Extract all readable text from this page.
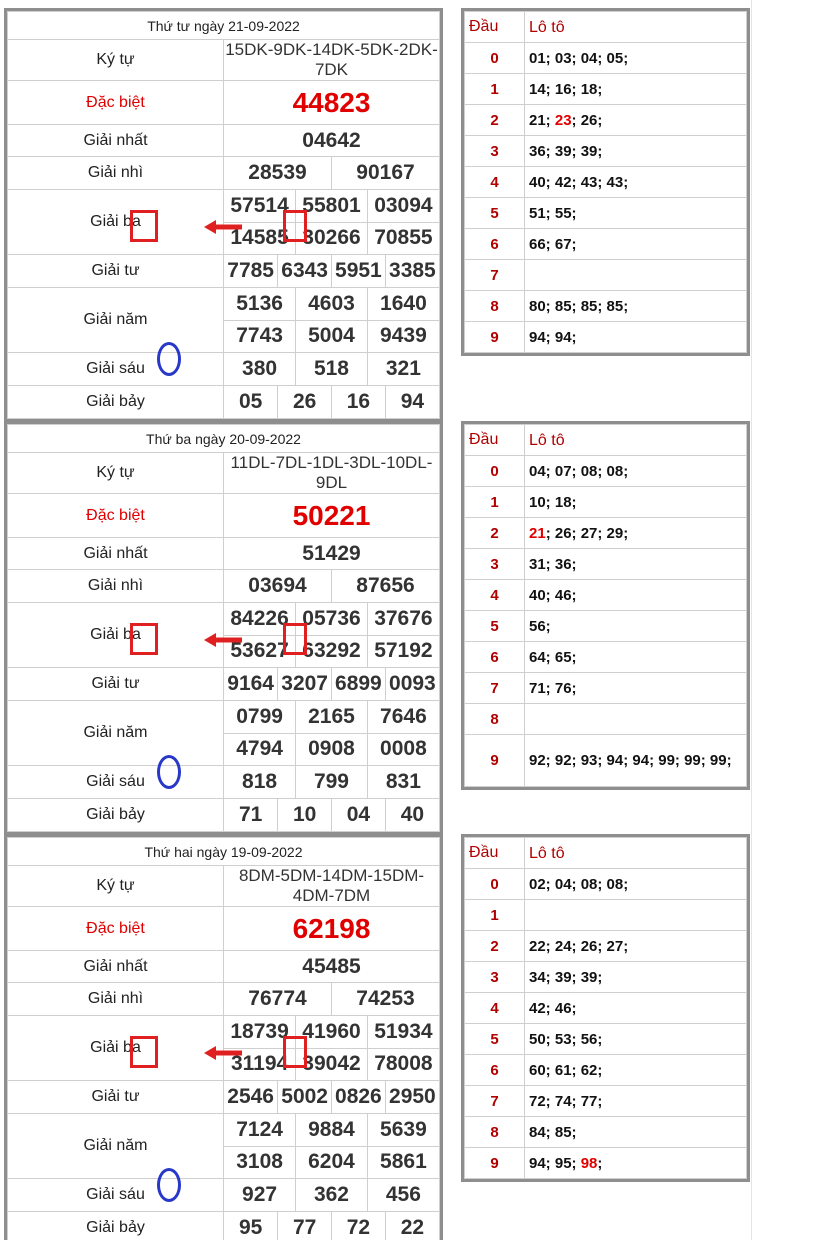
Thứ tư ngày 21-09-2022
Ký tự	15DK-9DK-14DK-5DK-2DK-7DK
Đặc biệt	44823
Giải nhất	04642
Giải nhì		28539	90167

Giải ba	
57514	55801	03094
14585	30266	70855

Giải tư		7785	6343	5951	3385

Giải năm	
5136	4603	1640
7743	5004	9439

Giải sáu		380	518	321

Giải bảy		05	26	16	94
Đầu	Lô tô
0	01; 03; 04; 05;
1	14; 16; 18;
2	21; 23; 26;
3	36; 39; 39;
4	40; 42; 43; 43;
5	51; 55;
6	66; 67;
7	
8	80; 85; 85; 85;
9	94; 94;
Thứ ba ngày 20-09-2022
Ký tự	11DL-7DL-1DL-3DL-10DL-9DL
Đặc biệt	50221
Giải nhất	51429
Giải nhì		03694	87656

Giải ba	
84226	05736	37676
53627	63292	57192

Giải tư		9164	3207	6899	0093

Giải năm	
0799	2165	7646
4794	0908	0008

Giải sáu		818	799	831

Giải bảy		71	10	04	40
Đầu	Lô tô
0	04; 07; 08; 08;
1	10; 18;
2	21; 26; 27; 29;
3	31; 36;
4	40; 46;
5	56;
6	64; 65;
7	71; 76;
8	
9	92; 92; 93; 94; 94; 99; 99; 99;
Thứ hai ngày 19-09-2022
Ký tự	8DM-5DM-14DM-15DM-4DM-7DM
Đặc biệt	62198
Giải nhất	45485
Giải nhì		76774	74253

Giải ba	
18739	41960	51934
31194	39042	78008

Giải tư		2546	5002	0826	2950

Giải năm	
7124	9884	5639
3108	6204	5861

Giải sáu		927	362	456

Giải bảy		95	77	72	22
Đầu	Lô tô
0	02; 04; 08; 08;
1	
2	22; 24; 26; 27;
3	34; 39; 39;
4	42; 46;
5	50; 53; 56;
6	60; 61; 62;
7	72; 74; 77;
8	84; 85;
9	94; 95; 98;
